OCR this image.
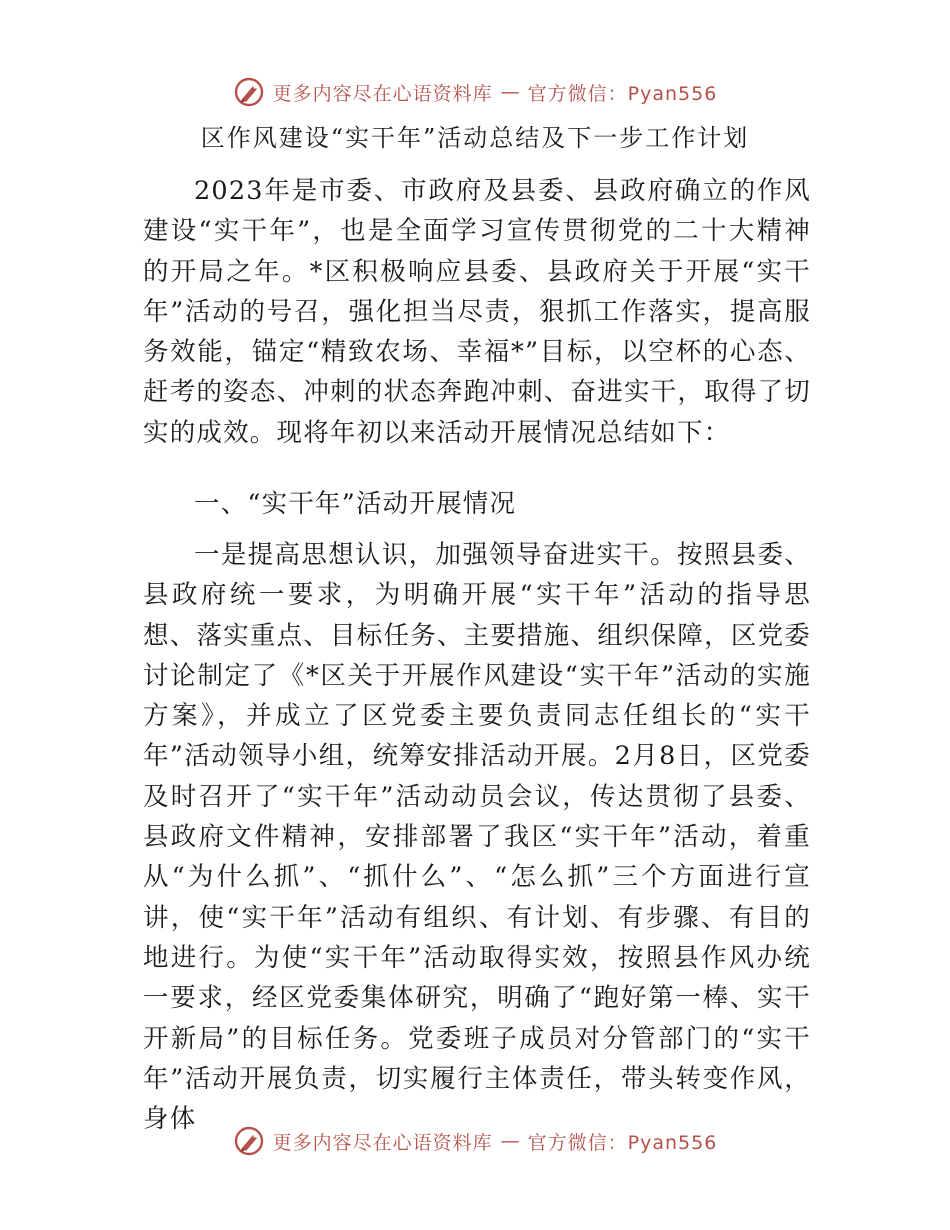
更多内容尽在心语资料库 — 官方微信：Pyan556
区作风建设“实干年”活动总结及下一步工作计划

2023年是市委、市政府及县委、县政府确立的作风建设“实干年”，也是全面学习宣传贯彻党的二十大精神的开局之年。*区积极响应县委、县政府关于开展“实干年”活动的号召，强化担当尽责，狠抓工作落实，提高服务效能，锚定“精致农场、幸福*”目标，以空杯的心态、赶考的姿态、冲刺的状态奔跑冲刺、奋进实干，取得了切实的成效。现将年初以来活动开展情况总结如下：

一、“实干年”活动开展情况

一是提高思想认识，加强领导奋进实干。按照县委、县政府统一要求，为明确开展“实干年”活动的指导思想、落实重点、目标任务、主要措施、组织保障，区党委讨论制定了《*区关于开展作风建设“实干年”活动的实施方案》，并成立了区党委主要负责同志任组长的“实干年”活动领导小组，统筹安排活动开展。2月8日，区党委及时召开了“实干年”活动动员会议，传达贯彻了县委、县政府文件精神，安排部署了我区“实干年”活动，着重从“为什么抓”、“抓什么”、“怎么抓”三个方面进行宣讲，使“实干年”活动有组织、有计划、有步骤、有目的地进行。为使“实干年”活动取得实效，按照县作风办统一要求，经区党委集体研究，明确了“跑好第一棒、实干开新局”的目标任务。党委班子成员对分管部门的“实干年”活动开展负责，切实履行主体责任，带头转变作风，身体

更多内容尽在心语资料库 — 官方微信：Pyan556
